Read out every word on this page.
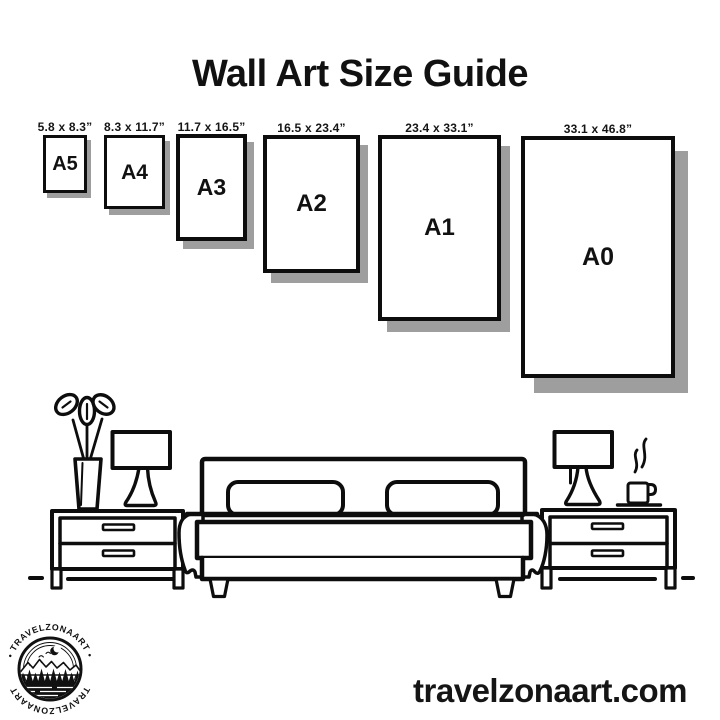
Wall Art Size Guide
5.8 x 8.3”
A5
8.3 x 11.7”
A4
11.7 x 16.5”
A3
16.5 x 23.4”
A2
23.4 x 33.1”
A1
33.1 x 46.8”
A0
• TRAVELZONAART •
TRAVELZONAART	travelzonaart.com
